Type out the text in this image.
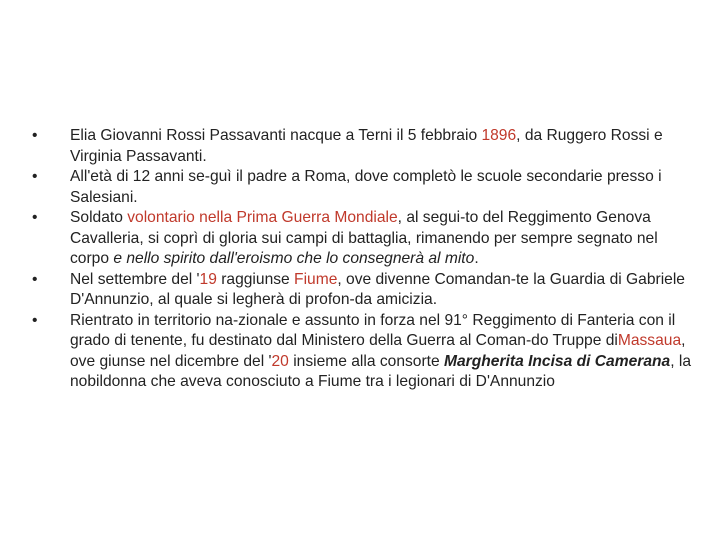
•	Elia Giovanni Rossi Passavanti nacque a Terni il 5 febbraio 1896, da Ruggero Rossi e Virginia Passavanti.
•	All'età di 12 anni se-guì il padre a Roma, dove completò le scuole secondarie presso i Salesiani.
•	Soldato volontario nella Prima Guerra Mondiale, al segui-to del Reggimento Genova Cavalleria, si coprì di gloria sui campi di battaglia, rimanendo per sempre segnato nel corpo e nello spirito dall'eroismo che lo consegnerà al mito.
•	Nel settembre del '19 raggiunse Fiume, ove divenne Comandan-te la Guardia di Gabriele D'Annunzio, al quale si legherà di profon-da amicizia.
•	Rientrato in territorio na-zionale e assunto in forza nel 91° Reggimento di Fanteria con il grado di tenente, fu destinato dal Ministero della Guerra al Coman-do Truppe diMassaua, ove giunse nel dicembre del '20 insieme alla consorte Margherita Incisa di Camerana, la nobildonna che aveva conosciuto a Fiume tra i legionari di D'Annunzio
